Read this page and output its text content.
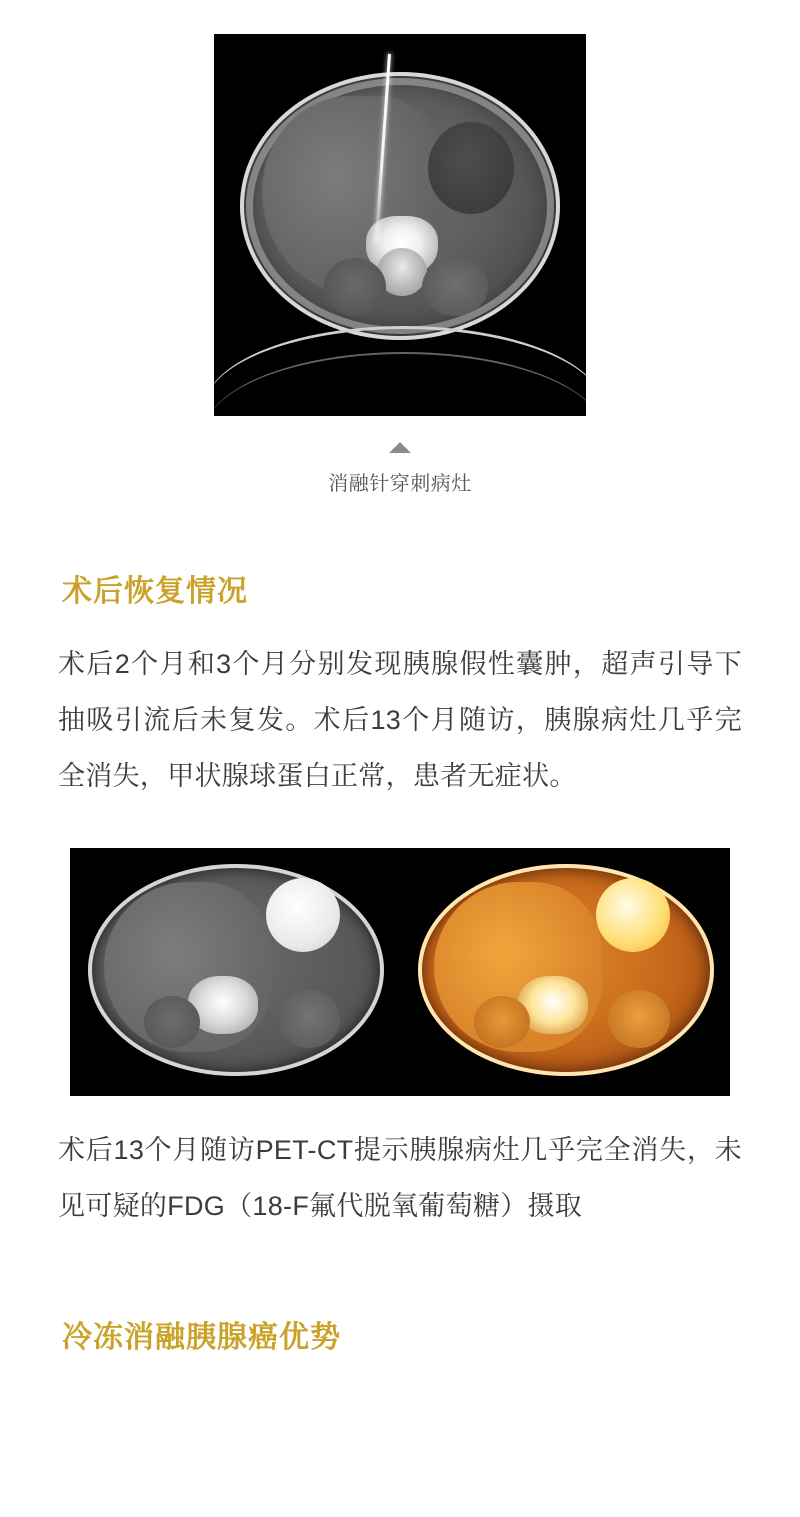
消融针穿刺病灶
术后恢复情况
术后2个月和3个月分别发现胰腺假性囊肿，超声引导下抽吸引流后未复发。术后13个月随访，胰腺病灶几乎完全消失，甲状腺球蛋白正常，患者无症状。
术后13个月随访PET-CT提示胰腺病灶几乎完全消失，未见可疑的FDG（18-F氟代脱氧葡萄糖）摄取
冷冻消融胰腺癌优势
